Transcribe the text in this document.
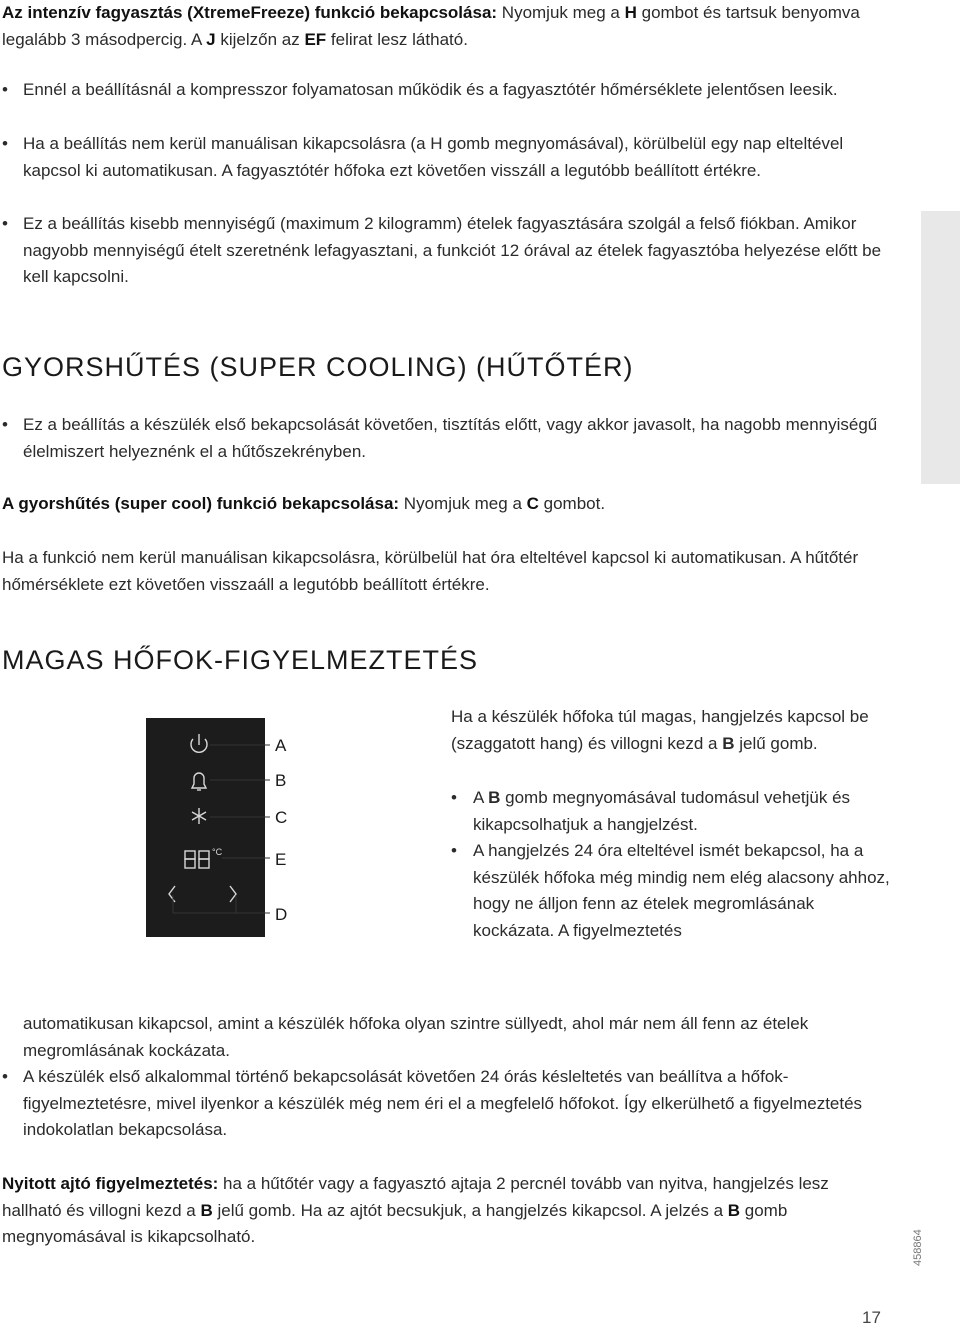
Az intenzív fagyasztás (XtremeFreeze) funkció bekapcsolása: Nyomjuk meg a H gombot és tartsuk benyomva legalább 3 másodpercig. A J kijelzőn az EF felirat lesz látható.

• Ennél a beállításnál a kompresszor folyamatosan működik és a fagyasztótér hőmérséklete jelentősen leesik.
• Ha a beállítás nem kerül manuálisan kikapcsolásra (a H gomb megnyomásával), körülbelül egy nap elteltével kapcsol ki automatikusan. A fagyasztótér hőfoka ezt követően visszáll a legutóbb beállított értékre.
• Ez a beállítás kisebb mennyiségű (maximum 2 kilogramm) ételek fagyasztására szolgál a felső fiókban. Amikor nagyobb mennyiségű ételt szeretnénk lefagyasztani, a funkciót 12 órával az ételek fagyasztóba helyezése előtt be kell kapcsolni.
GYORSHŰTÉS (SUPER COOLING) (HŰTŐTÉR)
• Ez a beállítás a készülék első bekapcsolását követően, tisztítás előtt, vagy akkor javasolt, ha nagobb mennyiségű élelmiszert helyeznénk el a hűtőszekrényben.

A gyorshűtés (super cool) funkció bekapcsolása: Nyomjuk meg a C gombot.

Ha a funkció nem kerül manuálisan kikapcsolásra, körülbelül hat óra elteltével kapcsol ki automatikusan. A hűtőtér hőmérséklete ezt követően visszaáll a legutóbb beállított értékre.

MAGAS HŐFOK-FIGYELMEZTETÉS
°C
A
B
C
E
D

Ha a készülék hőfoka túl magas, hangjelzés kapcsol be (szaggatott hang) és villogni kezd a B jelű gomb.

• A B gomb megnyomásával tudomásul vehetjük és kikapcsolhatjuk a hangjelzést.
• A hangjelzés 24 óra elteltével ismét bekapcsol, ha a készülék hőfoka még mindig nem elég alacsony ahhoz, hogy ne álljon fenn az ételek megromlásának kockázata. A figyelmeztetés

automatikusan kikapcsol, amint a készülék hőfoka olyan szintre süllyedt, ahol már nem áll fenn az ételek megromlásának kockázata.

• A készülék első alkalommal történő bekapcsolását követően 24 órás késleltetés van beállítva a hőfok-figyelmeztetésre, mivel ilyenkor a készülék még nem éri el a megfelelő hőfokot. Így elkerülhető a figyelmeztetés indokolatlan bekapcsolása.

Nyitott ajtó figyelmeztetés: ha a hűtőtér vagy a fagyasztó ajtaja 2 percnél tovább van nyitva, hangjelzés lesz hallható és villogni kezd a B jelű gomb. Ha az ajtót becsukjuk, a hangjelzés kikapcsol. A jelzés a B gomb megnyomásával is kikapcsolható.

17
458864
